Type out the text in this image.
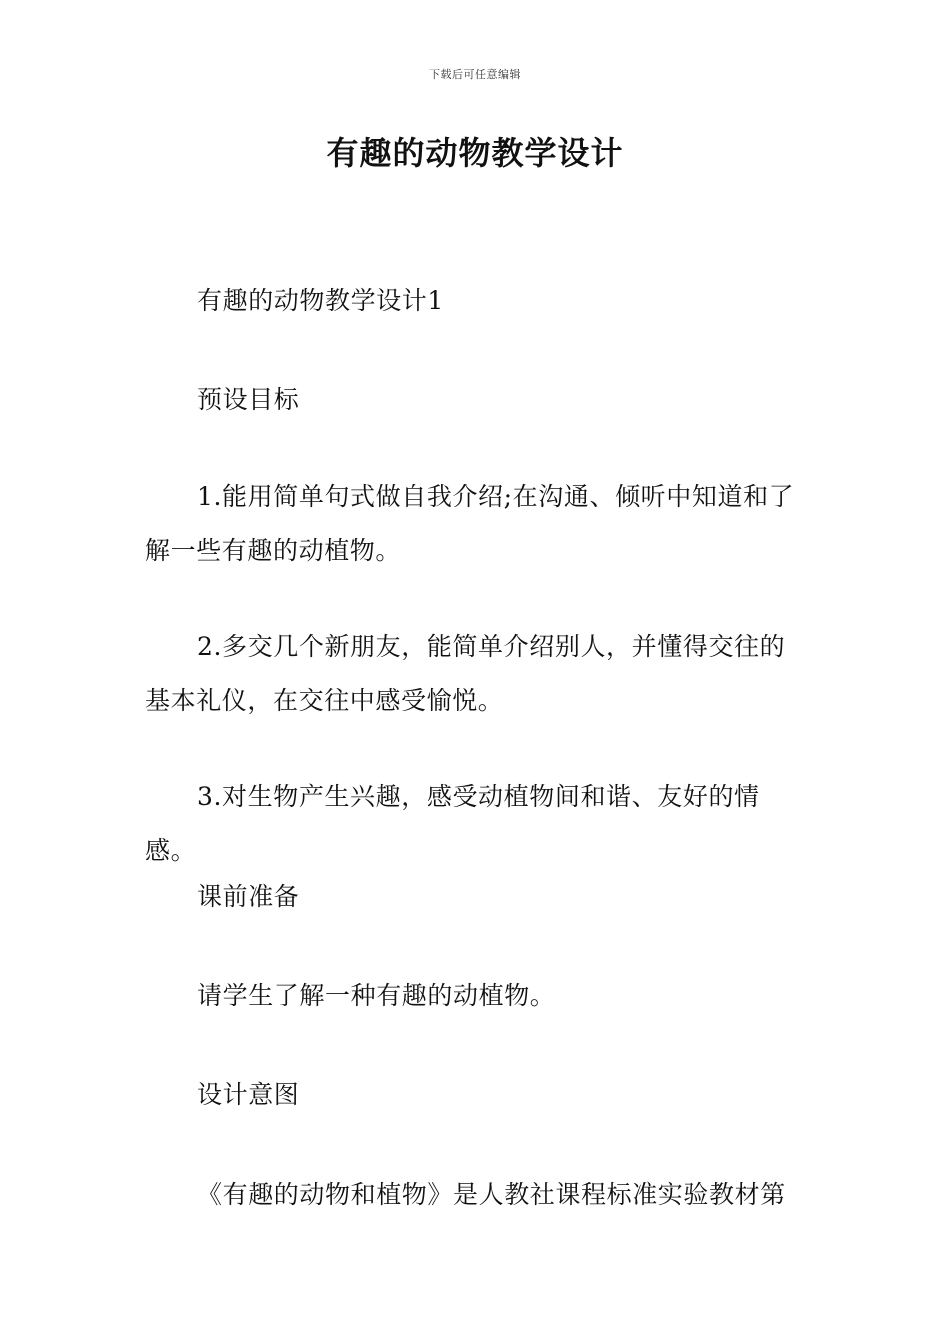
下载后可任意编辑
有趣的动物教学设计

有趣的动物教学设计1

预设目标

1.能用简单句式做自我介绍;在沟通、倾听中知道和了解一些有趣的动植物。

2.多交几个新朋友，能简单介绍别人，并懂得交往的基本礼仪，在交往中感受愉悦。

3.对生物产生兴趣，感受动植物间和谐、友好的情感。

课前准备

请学生了解一种有趣的动植物。

设计意图

《有趣的动物和植物》是人教社课程标准实验教材第
